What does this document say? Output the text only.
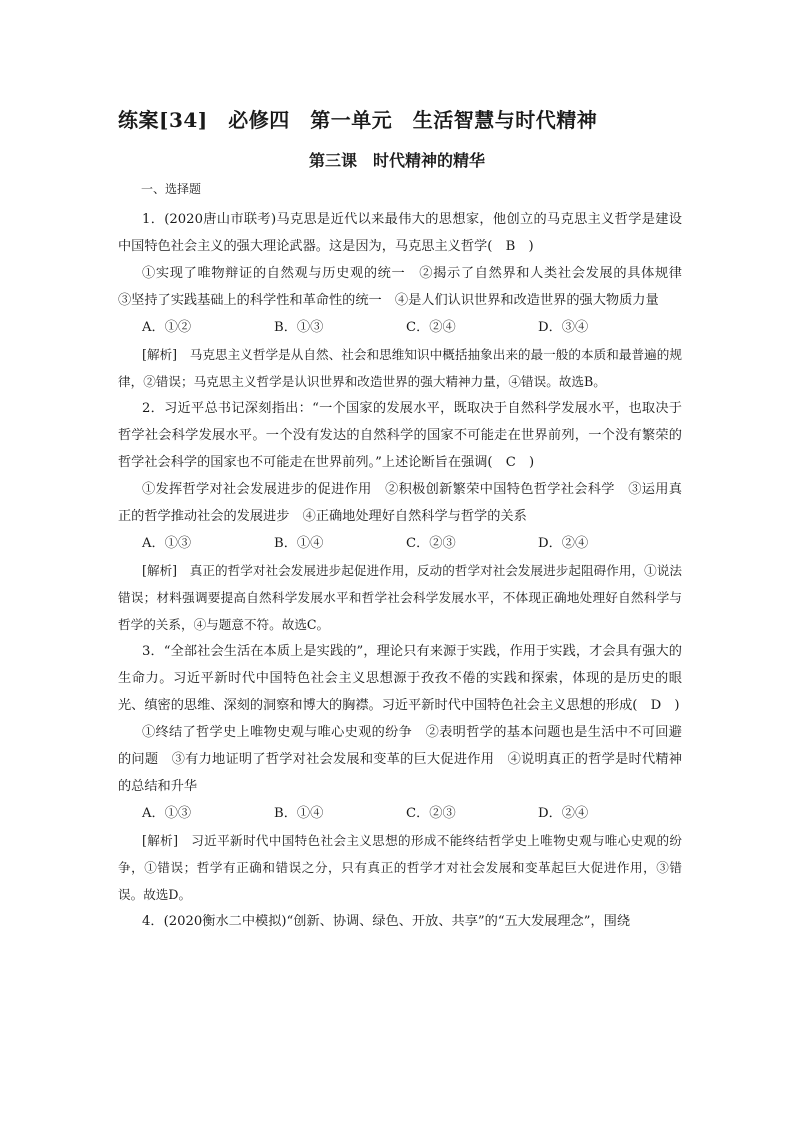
练案[34]　必修四　第一单元　生活智慧与时代精神
第三课　时代精神的精华
一、选择题

1．(2020唐山市联考)马克思是近代以来最伟大的思想家，他创立的马克思主义哲学是建设中国特色社会主义的强大理论武器。这是因为，马克思主义哲学(　B　)

①实现了唯物辩证的自然观与历史观的统一　②揭示了自然界和人类社会发展的具体规律　③坚持了实践基础上的科学性和革命性的统一　④是人们认识世界和改造世界的强大物质力量

A．①②	B．①③	C．②④	D．③④

[解析]　马克思主义哲学是从自然、社会和思维知识中概括抽象出来的最一般的本质和最普遍的规律，②错误；马克思主义哲学是认识世界和改造世界的强大精神力量，④错误。故选B。

2．习近平总书记深刻指出：“一个国家的发展水平，既取决于自然科学发展水平，也取决于哲学社会科学发展水平。一个没有发达的自然科学的国家不可能走在世界前列，一个没有繁荣的哲学社会科学的国家也不可能走在世界前列。”上述论断旨在强调(　C　)

①发挥哲学对社会发展进步的促进作用　②积极创新繁荣中国特色哲学社会科学　③运用真正的哲学推动社会的发展进步　④正确地处理好自然科学与哲学的关系

A．①③	B．①④	C．②③	D．②④

[解析]　真正的哲学对社会发展进步起促进作用，反动的哲学对社会发展进步起阻碍作用，①说法错误；材料强调要提高自然科学发展水平和哲学社会科学发展水平，不体现正确地处理好自然科学与哲学的关系，④与题意不符。故选C。

3．“全部社会生活在本质上是实践的”，理论只有来源于实践，作用于实践，才会具有强大的生命力。习近平新时代中国特色社会主义思想源于孜孜不倦的实践和探索，体现的是历史的眼光、缜密的思维、深刻的洞察和博大的胸襟。习近平新时代中国特色社会主义思想的形成(　D　)

①终结了哲学史上唯物史观与唯心史观的纷争　②表明哲学的基本问题也是生活中不可回避的问题　③有力地证明了哲学对社会发展和变革的巨大促进作用　④说明真正的哲学是时代精神的总结和升华

A．①③	B．①④	C．②③	D．②④

[解析]　习近平新时代中国特色社会主义思想的形成不能终结哲学史上唯物史观与唯心史观的纷争，①错误；哲学有正确和错误之分，只有真正的哲学才对社会发展和变革起巨大促进作用，③错误。故选D。

4．(2020衡水二中模拟)“创新、协调、绿色、开放、共享”的“五大发展理念”，围绕
